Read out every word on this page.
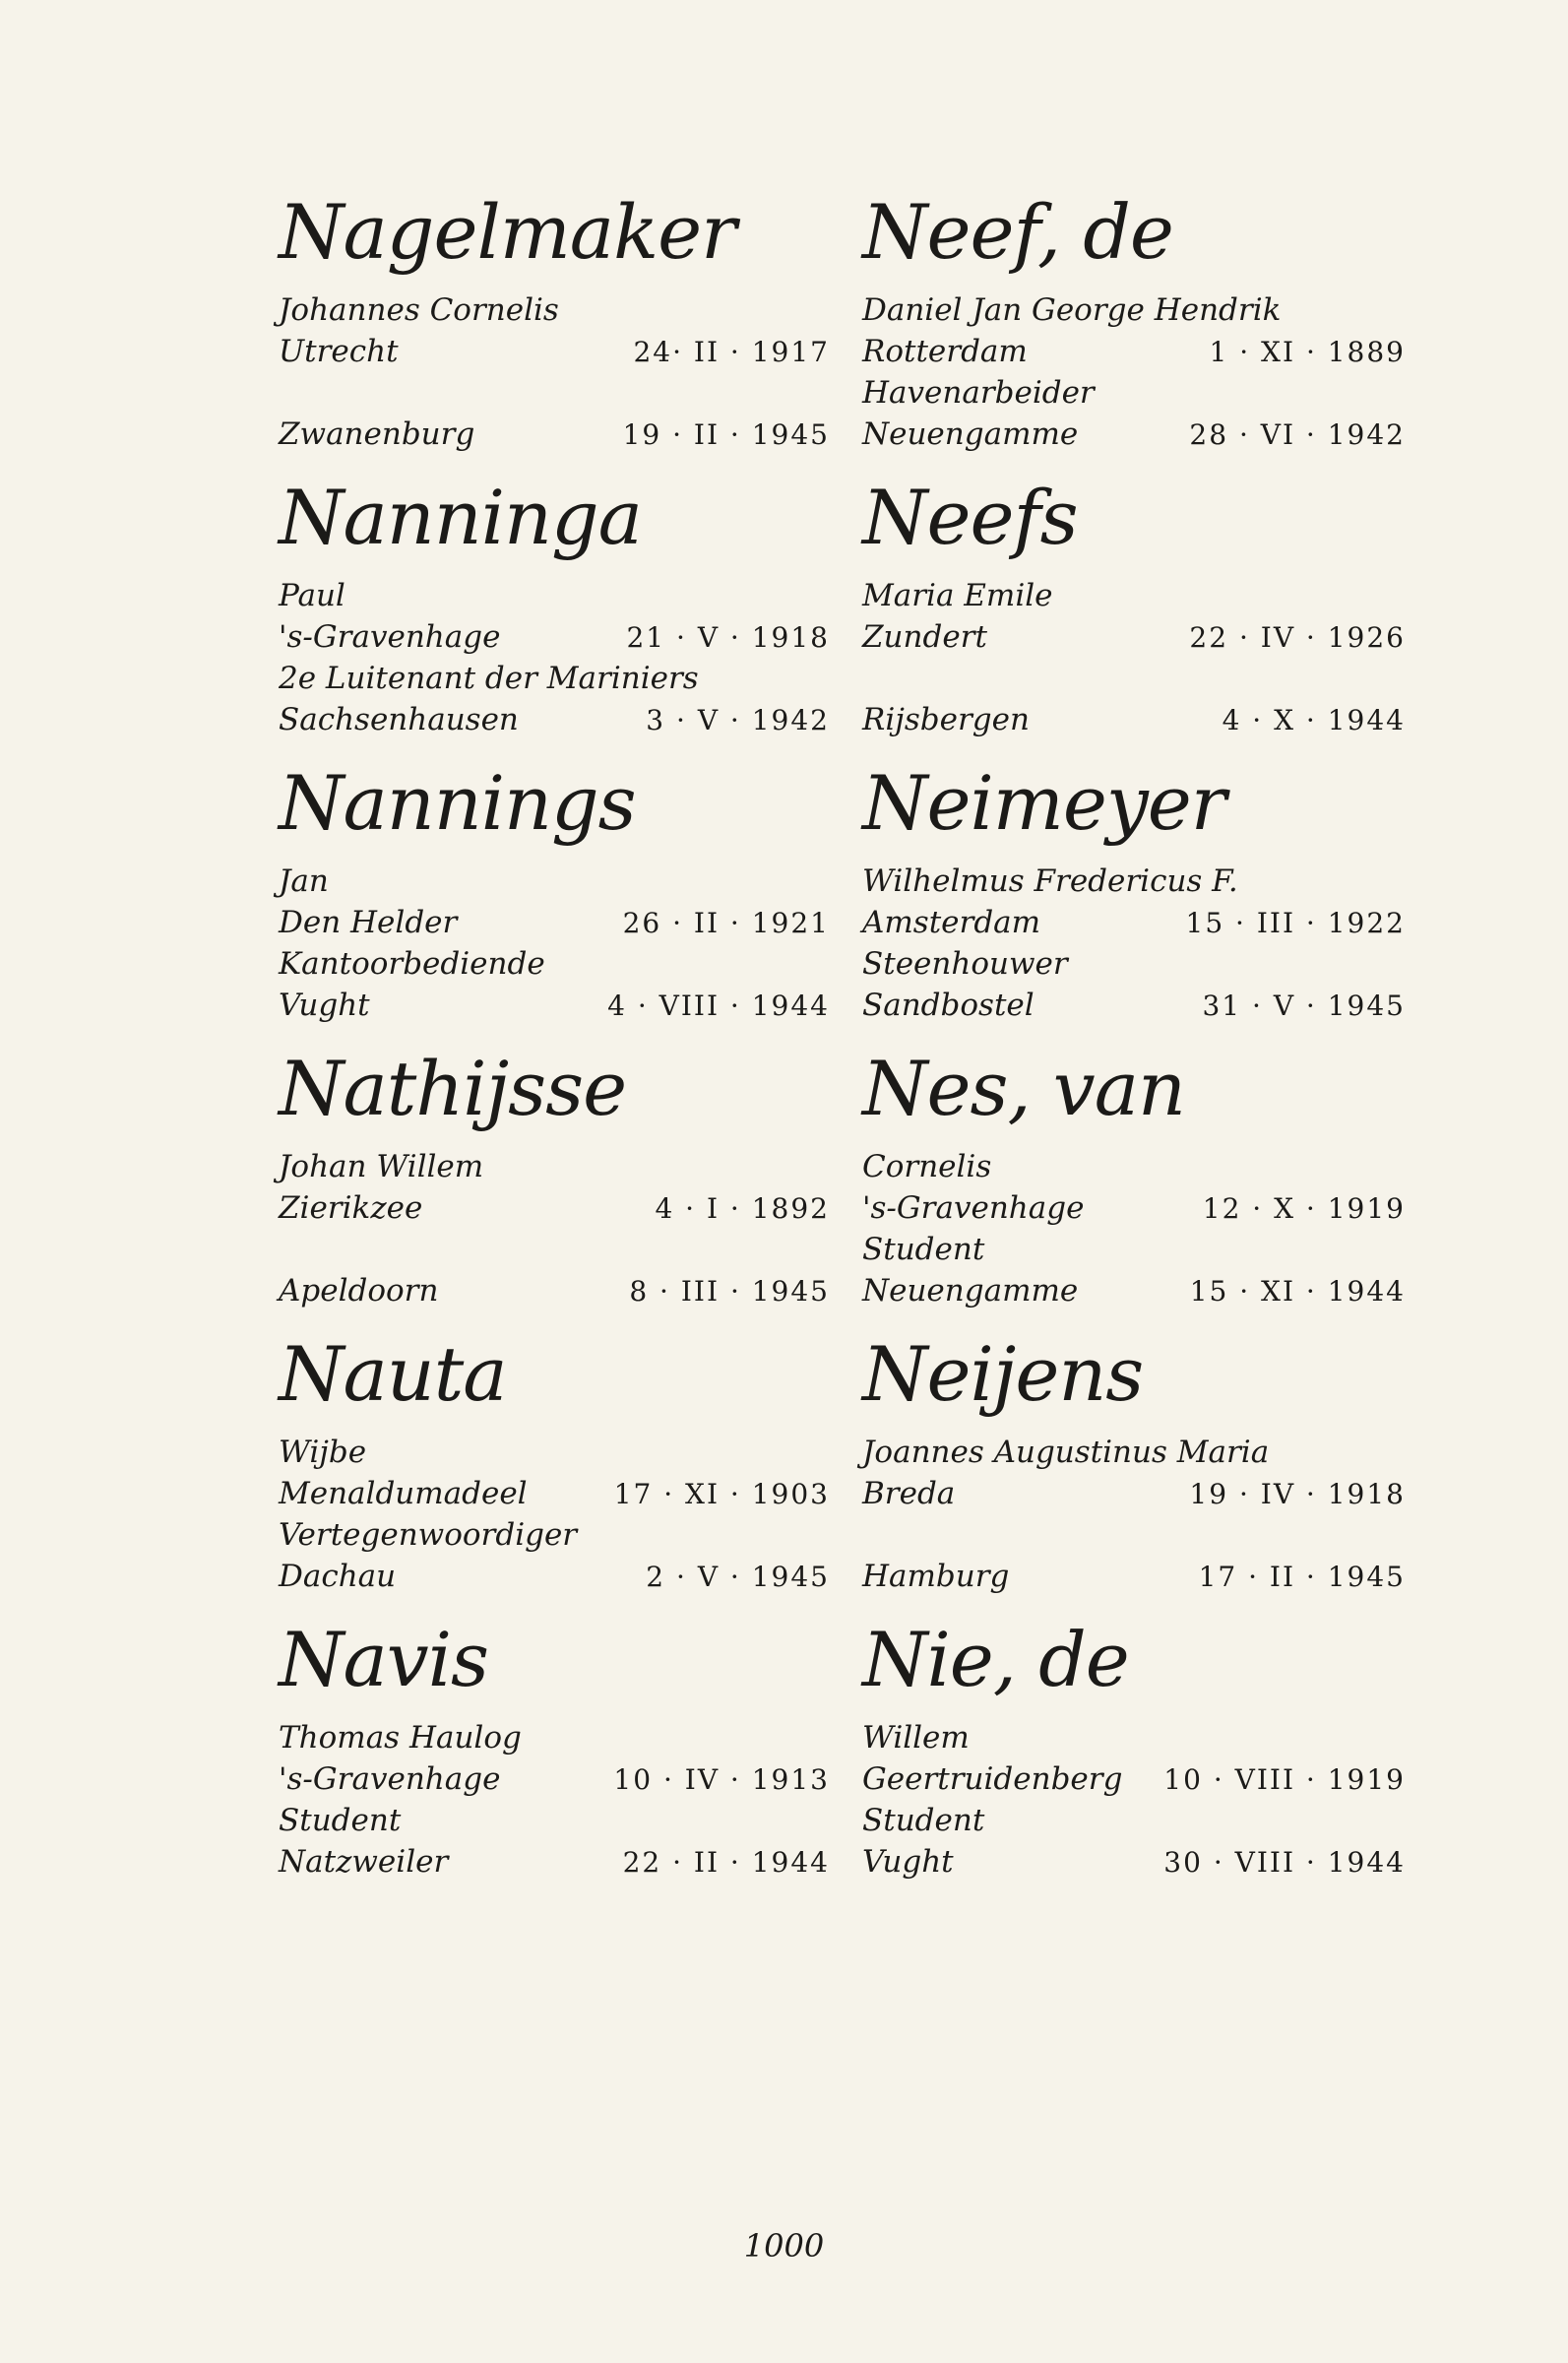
Nagelmaker
Johannes Cornelis
Utrecht	24· II · 1917
Zwanenburg	19 · II · 1945
Nanninga
Paul
's-Gravenhage	21 · V · 1918
2e Luitenant der Mariniers
Sachsenhausen	3 · V · 1942
Nannings
Jan
Den Helder	26 · II · 1921
Kantoorbediende
Vught	4 · VIII · 1944
Nathijsse
Johan Willem
Zierikzee	4 · I · 1892
Apeldoorn	8 · III · 1945
Nauta
Wijbe
Menaldumadeel	17 · XI · 1903
Vertegenwoordiger
Dachau	2 · V · 1945
Navis
Thomas Haulog
's-Gravenhage	10 · IV · 1913
Student
Natzweiler	22 · II · 1944
Neef, de
Daniel Jan George Hendrik
Rotterdam	1 · XI · 1889
Havenarbeider
Neuengamme	28 · VI · 1942
Neefs
Maria Emile
Zundert	22 · IV · 1926
Rijsbergen	4 · X · 1944
Neimeyer
Wilhelmus Fredericus F.
Amsterdam	15 · III · 1922
Steenhouwer
Sandbostel	31 · V · 1945
Nes, van
Cornelis
's-Gravenhage	12 · X · 1919
Student
Neuengamme	15 · XI · 1944
Neijens
Joannes Augustinus Maria
Breda	19 · IV · 1918
Hamburg	17 · II · 1945
Nie, de
Willem
Geertruidenberg 10 · VIII · 1919
Student
Vught	30 · VIII · 1944
1000
